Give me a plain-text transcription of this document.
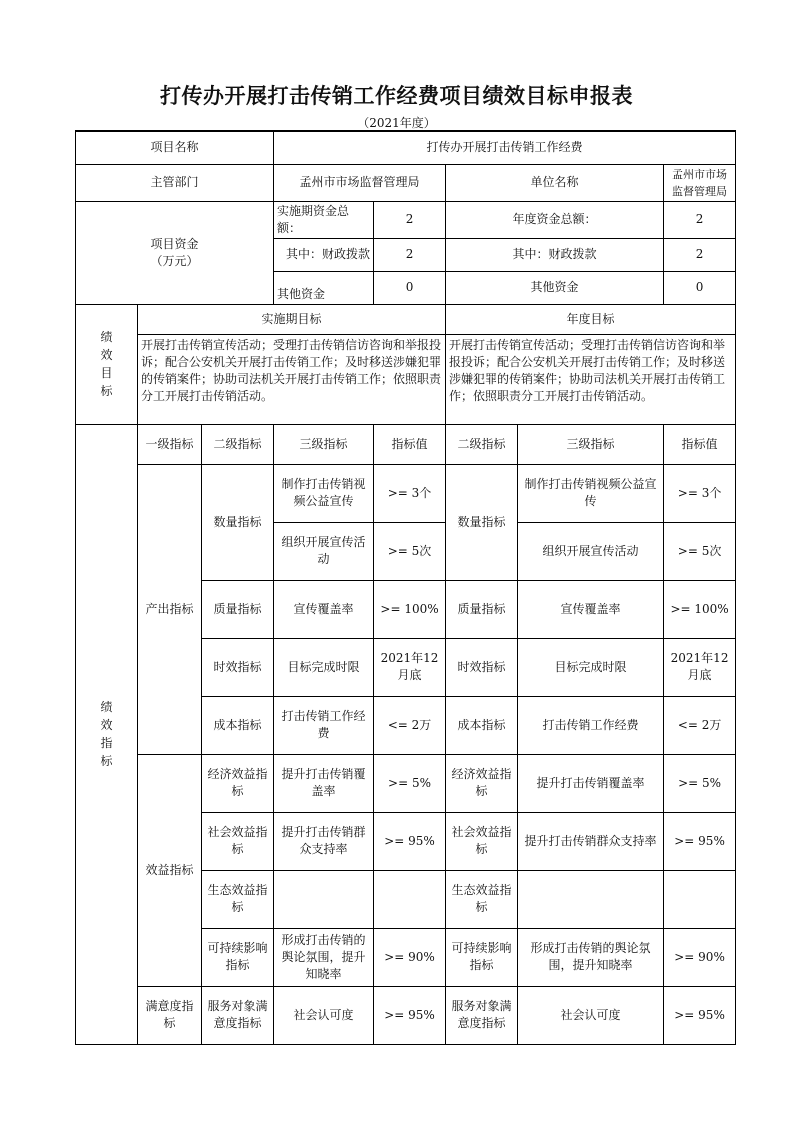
打传办开展打击传销工作经费项目绩效目标申报表
（2021年度）
项目名称			打传办开展打击传销工作经费				
主管部门			孟州市市场监督管理局		单位名称		孟州市市场监督管理局
项目资金
（万元）			实施期资金总额：	2	年度资金总额：		2
			其中：财政拨款	2	其中：财政拨款		2
			其他资金	0	其他资金		0
绩效目标	实施期目标				年度目标		
	开展打击传销宣传活动；受理打击传销信访咨询和举报投诉；配合公安机关开展打击传销工作；及时移送涉嫌犯罪的传销案件；协助司法机关开展打击传销工作；依照职责分工开展打击传销活动。				开展打击传销宣传活动；受理打击传销信访咨询和举报投诉；配合公安机关开展打击传销工作；及时移送涉嫌犯罪的传销案件；协助司法机关开展打击传销工作；依照职责分工开展打击传销活动。		
绩效指标	一级指标	二级指标	三级指标	指标值	二级指标	三级指标	指标值
	产出指标	数量指标	制作打击传销视频公益宣传	>= 3个	数量指标	制作打击传销视频公益宣传	>= 3个
			组织开展宣传活动	>= 5次		组织开展宣传活动	>= 5次
		质量指标	宣传覆盖率	>= 100%	质量指标	宣传覆盖率	>= 100%
		时效指标	目标完成时限	2021年12月底	时效指标	目标完成时限	2021年12月底
		成本指标	打击传销工作经费	<= 2万	成本指标	打击传销工作经费	<= 2万
	效益指标	经济效益指标	提升打击传销覆盖率	>= 5%	经济效益指标	提升打击传销覆盖率	>= 5%
		社会效益指标	提升打击传销群众支持率	>= 95%	社会效益指标	提升打击传销群众支持率	>= 95%
		生态效益指标			生态效益指标		
		可持续影响指标	形成打击传销的舆论氛围，提升知晓率	>= 90%	可持续影响指标	形成打击传销的舆论氛围，提升知晓率	>= 90%
	满意度指标	服务对象满意度指标	社会认可度	>= 95%	服务对象满意度指标	社会认可度	>= 95%
